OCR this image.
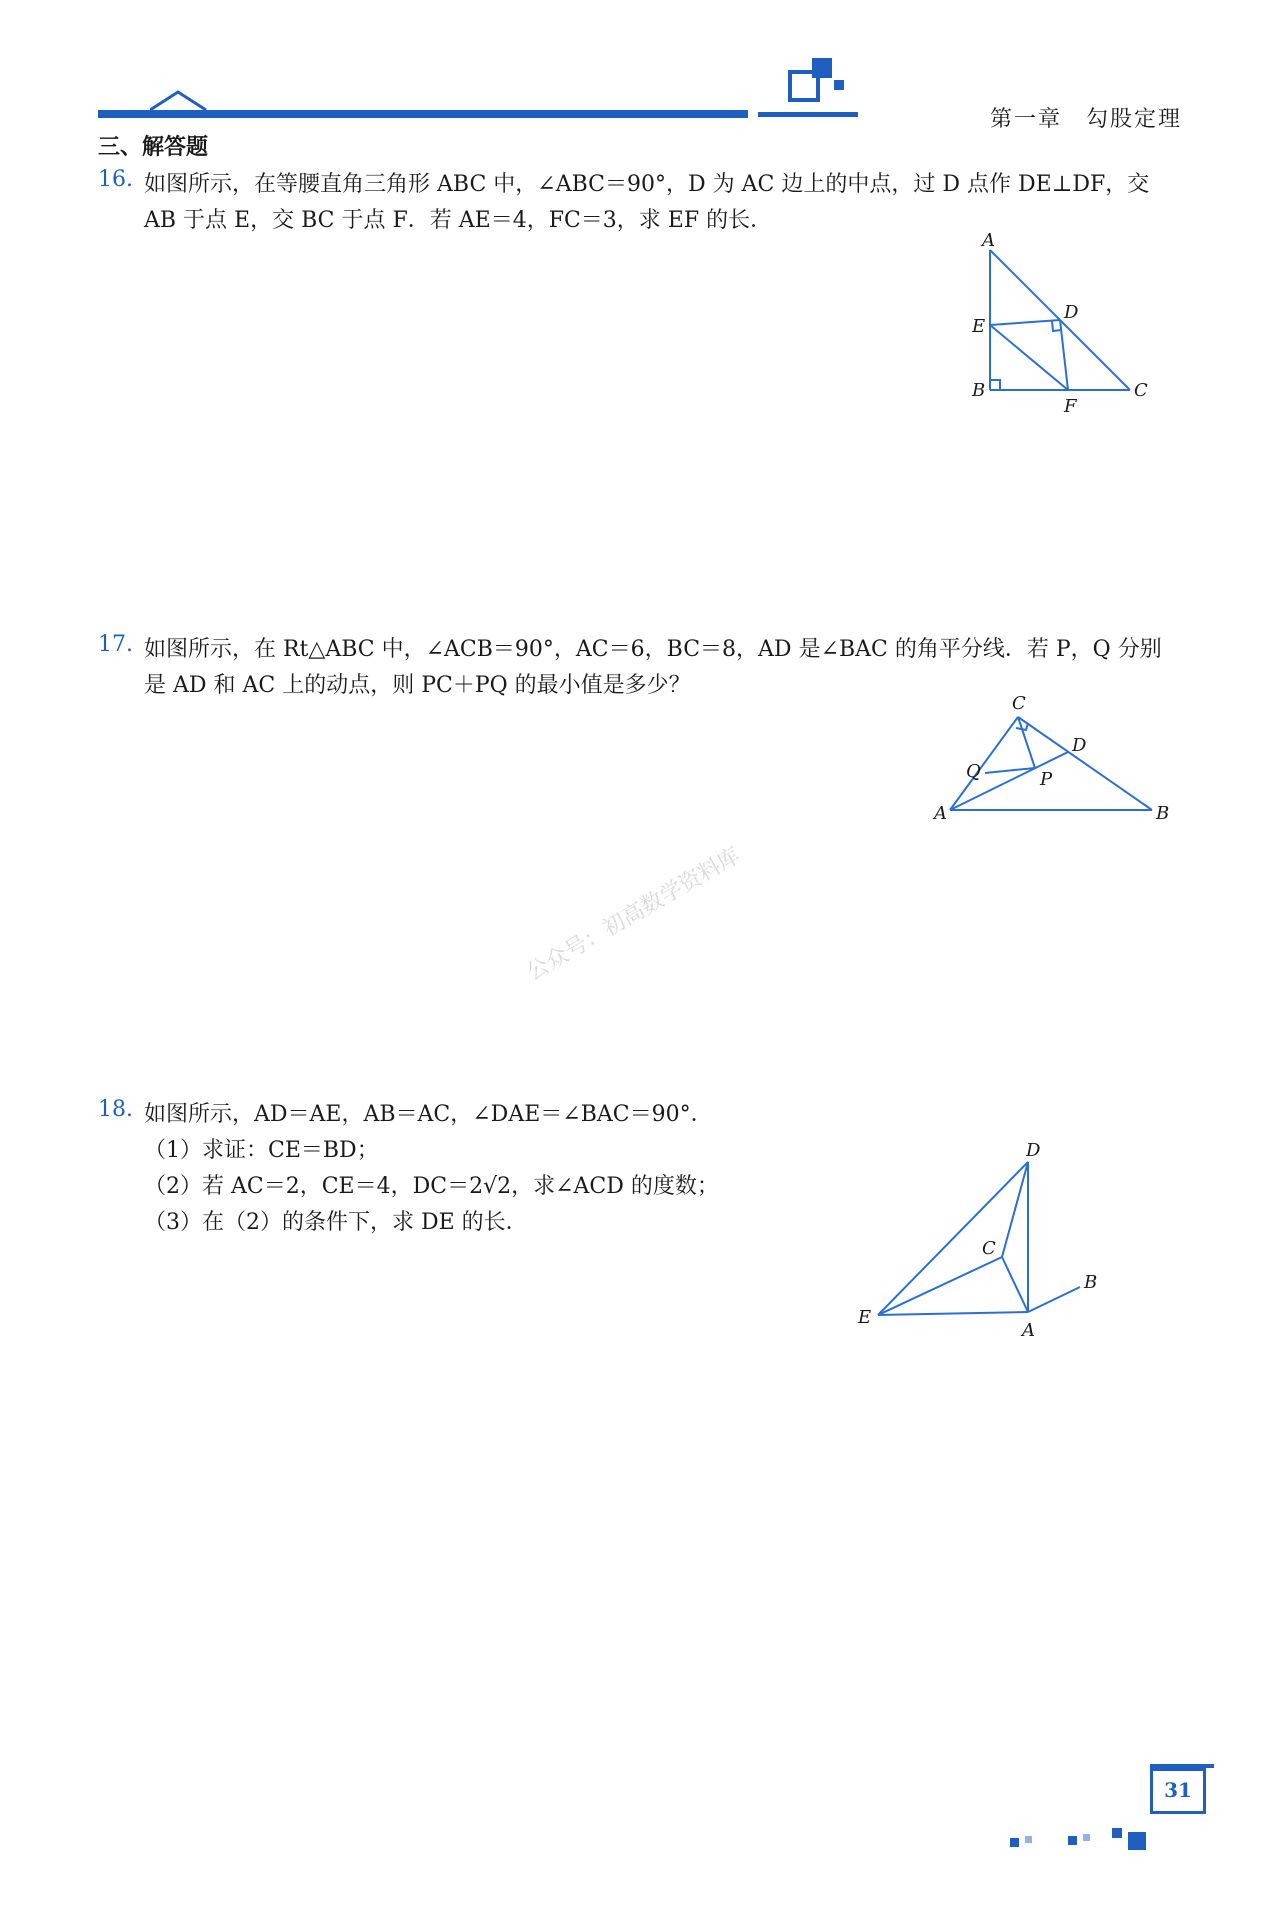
第一章　勾股定理
三、解答题
16. 如图所示，在等腰直角三角形 ABC 中，∠ABC＝90°，D 为 AC 边上的中点，过 D 点作 DE⊥DF，交
AB 于点 E，交 BC 于点 F．若 AE＝4，FC＝3，求 EF 的长．
A
B	C
D
E
F
17. 如图所示，在 Rt△ABC 中，∠ACB＝90°，AC＝6，BC＝8，AD 是∠BAC 的角平分线．若 P，Q 分别
是 AD 和 AC 上的动点，则 PC＋PQ 的最小值是多少？
C
D
Q	P
A	B
公众号：初高数学资料库
18. 如图所示，AD＝AE，AB＝AC，∠DAE＝∠BAC＝90°．
（1）求证：CE＝BD；
（2）若 AC＝2，CE＝4，DC＝2√2，求∠ACD 的度数；
（3）在（2）的条件下，求 DE 的长．
D
C
B
E
A
31
